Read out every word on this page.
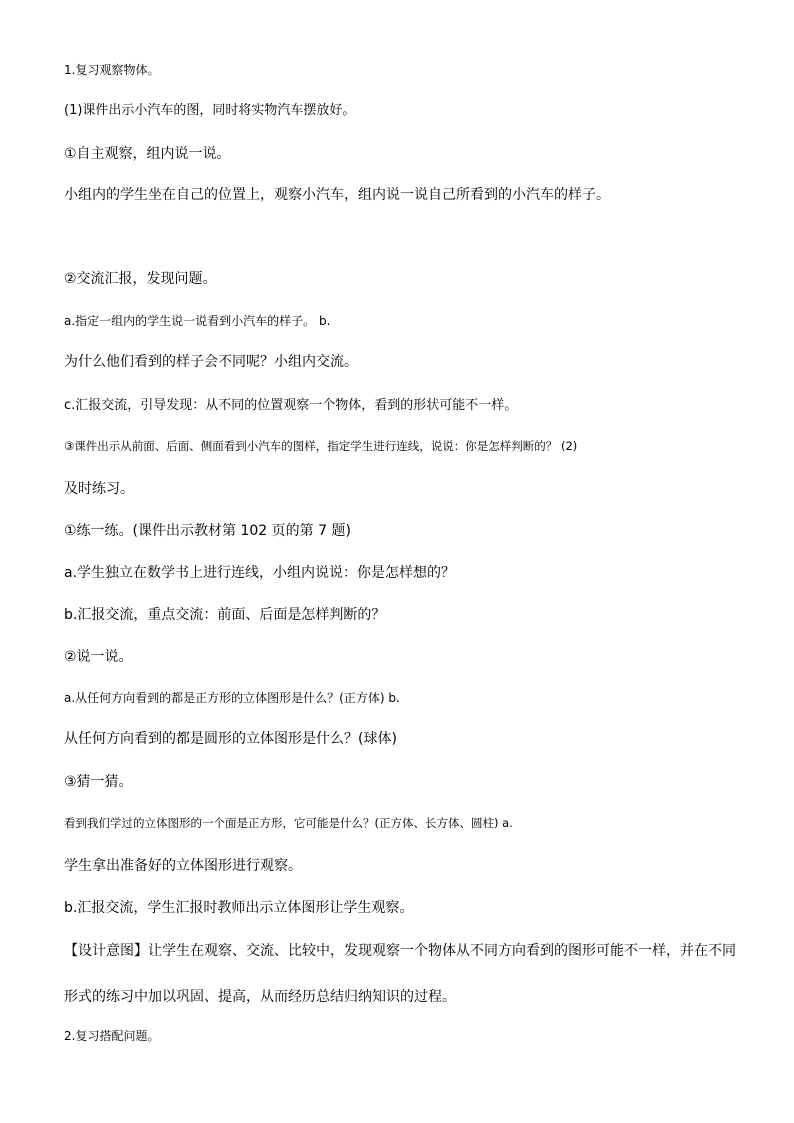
1.复习观察物体。
(1)课件出示小汽车的图，同时将实物汽车摆放好。
①自主观察，组内说一说。
小组内的学生坐在自己的位置上，观察小汽车，组内说一说自己所看到的小汽车的样子。
②交流汇报，发现问题。
a.指定一组内的学生说一说看到小汽车的样子。 b.
为什么他们看到的样子会不同呢？小组内交流。
c.汇报交流，引导发现：从不同的位置观察一个物体，看到的形状可能不一样。
③课件出示从前面、后面、侧面看到小汽车的图样，指定学生进行连线，说说：你是怎样判断的？ (2)
及时练习。
①练一练。(课件出示教材第 102 页的第 7 题)
a.学生独立在数学书上进行连线，小组内说说：你是怎样想的？
b.汇报交流，重点交流：前面、后面是怎样判断的？
②说一说。
a.从任何方向看到的都是正方形的立体图形是什么？(正方体) b.
从任何方向看到的都是圆形的立体图形是什么？(球体)
③猜一猜。
看到我们学过的立体图形的一个面是正方形，它可能是什么？(正方体、长方体、圆柱) a.
学生拿出准备好的立体图形进行观察。
b.汇报交流，学生汇报时教师出示立体图形让学生观察。
【设计意图】让学生在观察、交流、比较中，发现观察一个物体从不同方向看到的图形可能不一样，并在不同形式的练习中加以巩固、提高，从而经历总结归纳知识的过程。
2.复习搭配问题。
